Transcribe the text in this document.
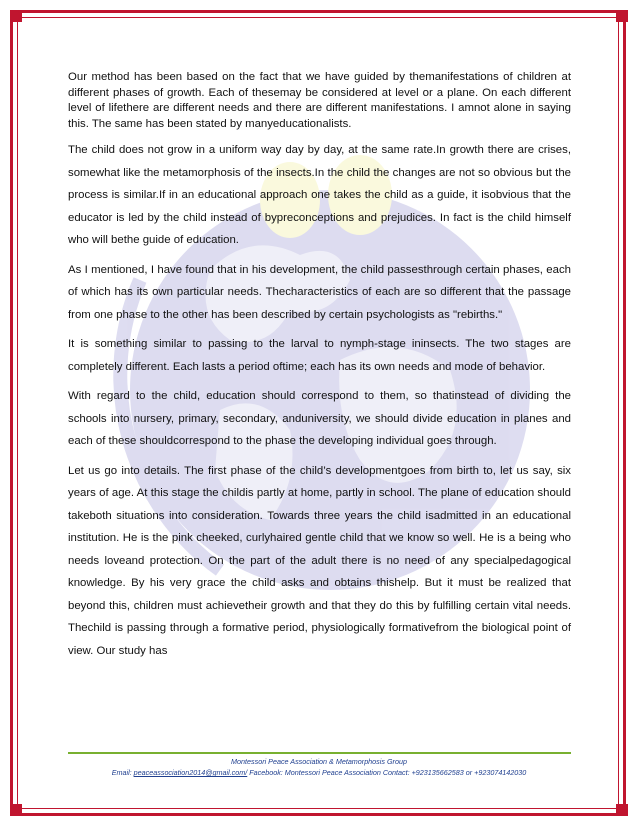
Our method has been based on the fact that we have guided by themanifestations of children at different phases of growth. Each of thesemay be considered at level or a plane. On each different level of lifethere are different needs and there are different manifestations. I amnot alone in saying this. The same has been stated by manyeducationalists.

The child does not grow in a uniform way day by day, at the same rate.In growth there are crises, somewhat like the metamorphosis of the insects.In the child the changes are not so obvious but the process is similar.If in an educational approach one takes the child as a guide, it isobvious that the educator is led by the child instead of bypreconceptions and prejudices. In fact is the child himself who will bethe guide of education.

As I mentioned, I have found that in his development, the child passesthrough certain phases, each of which has its own particular needs. Thecharacteristics of each are so different that the passage from one phase to the other has been described by certain psychologists as "rebirths."

It is something similar to passing to the larval to nymph-stage ininsects. The two stages are completely different. Each lasts a period oftime; each has its own needs and mode of behavior.

With regard to the child, education should correspond to them, so thatinstead of dividing the schools into nursery, primary, secondary, anduniversity, we should divide education in planes and each of these shouldcorrespond to the phase the developing individual goes through.

Let us go into details. The first phase of the child’s developmentgoes from birth to, let us say, six years of age. At this stage the childis partly at home, partly in school. The plane of education should takeboth situations into consideration. Towards three years the child isadmitted in an educational institution. He is the pink cheeked, curlyhaired gentle child that we know so well. He is a being who needs loveand protection. On the part of the adult there is no need of any specialpedagogical knowledge. By his very grace the child asks and obtains thishelp. But it must be realized that beyond this, children must achievetheir growth and that they do this by fulfilling certain vital needs. Thechild is passing through a formative period, physiologically formativefrom the biological point of view. Our study has

Montessori Peace Association & Metamorphosis Group
Email: peaceassociation2014@gmail.com/ Facebook: Montessori Peace Association Contact: +923135662583 or +923074142030
